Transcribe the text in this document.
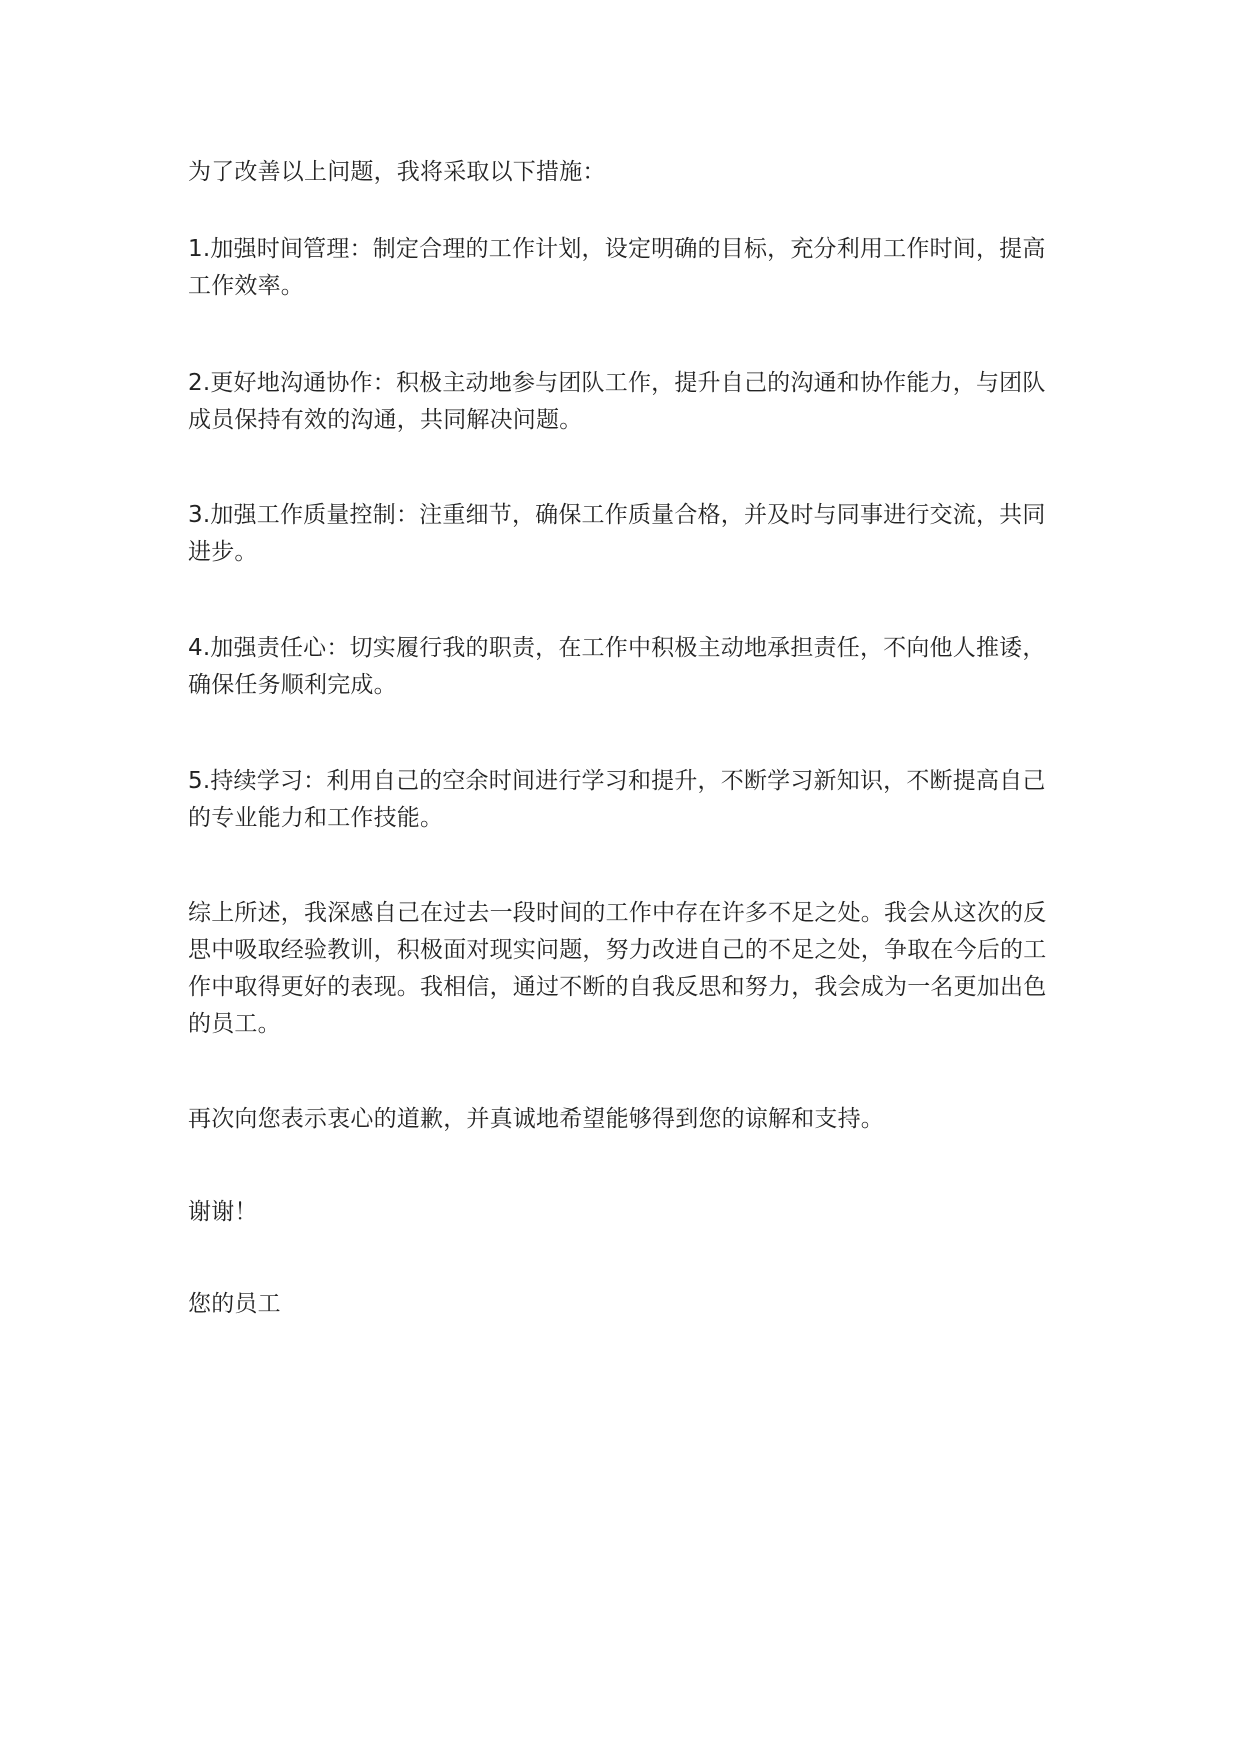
为了改善以上问题，我将采取以下措施：

1.加强时间管理：制定合理的工作计划，设定明确的目标，充分利用工作时间，提高
工作效率。

2.更好地沟通协作：积极主动地参与团队工作，提升自己的沟通和协作能力，与团队
成员保持有效的沟通，共同解决问题。

3.加强工作质量控制：注重细节，确保工作质量合格，并及时与同事进行交流，共同
进步。

4.加强责任心：切实履行我的职责，在工作中积极主动地承担责任，不向他人推诿，
确保任务顺利完成。

5.持续学习：利用自己的空余时间进行学习和提升，不断学习新知识，不断提高自己
的专业能力和工作技能。

综上所述，我深感自己在过去一段时间的工作中存在许多不足之处。我会从这次的反
思中吸取经验教训，积极面对现实问题，努力改进自己的不足之处，争取在今后的工
作中取得更好的表现。我相信，通过不断的自我反思和努力，我会成为一名更加出色
的员工。

再次向您表示衷心的道歉，并真诚地希望能够得到您的谅解和支持。

谢谢！

您的员工
